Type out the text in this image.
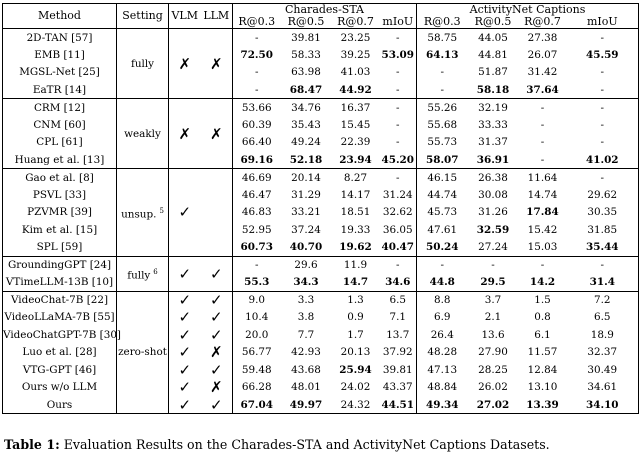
Method	Setting	VLM	LLM	Charades-STA				ActivityNet Captions			
				R@0.3	R@0.5	R@0.7	mIoU	R@0.3	R@0.5	R@0.7	mIoU
2D-TAN [57]	fully	✗	✗	-	39.81	23.25	-	58.75	44.05	27.38	-
EMB [11]				72.50	58.33	39.25	53.09	64.13	44.81	26.07	45.59
MGSL-Net [25]				-	63.98	41.03	-	-	51.87	31.42	-
EaTR [14]				-	68.47	44.92	-	-	58.18	37.64	-
CRM [12]	weakly	✗	✗	53.66	34.76	16.37	-	55.26	32.19	-	-
CNM [60]				60.39	35.43	15.45	-	55.68	33.33	-	-
CPL [61]				66.40	49.24	22.39	-	55.73	31.37	-	-
Huang et al. [13]				69.16	52.18	23.94	45.20	58.07	36.91	-	41.02
Gao et al. [8]	unsup. $^5$	✓		46.69	20.14	8.27	-	46.15	26.38	11.64	-
PSVL [33]				46.47	31.29	14.17	31.24	44.74	30.08	14.74	29.62
PZVMR [39]				46.83	33.21	18.51	32.62	45.73	31.26	17.84	30.35
Kim et al. [15]				52.95	37.24	19.33	36.05	47.61	32.59	15.42	31.85
SPL [59]				60.73	40.70	19.62	40.47	50.24	27.24	15.03	35.44
GroundingGPT [24]	fully $^6$	✓	✓	-	29.6	11.9	-	-	-	-	-
VTimeLLM-13B [10]				55.3	34.3	14.7	34.6	44.8	29.5	14.2	31.4
VideoChat-7B [22]	zero-shot	✓	✓	9.0	3.3	1.3	6.5	8.8	3.7	1.5	7.2
VideoLLaMA-7B [55]		✓	✓	10.4	3.8	0.9	7.1	6.9	2.1	0.8	6.5
VideoChatGPT-7B [30]		✓	✓	20.0	7.7	1.7	13.7	26.4	13.6	6.1	18.9
Luo et al. [28]		✓	✗	56.77	42.93	20.13	37.92	48.28	27.90	11.57	32.37
VTG-GPT [46]		✓	✓	59.48	43.68	25.94	39.81	47.13	28.25	12.84	30.49
Ours w/o LLM		✓	✗	66.28	48.01	24.02	43.37	48.84	26.02	13.10	34.61
Ours		✓	✓	67.04	49.97	24.32	44.51	49.34	27.02	13.39	34.10
Table 1: Evaluation Results on the Charades-STA and ActivityNet Captions Datasets.
